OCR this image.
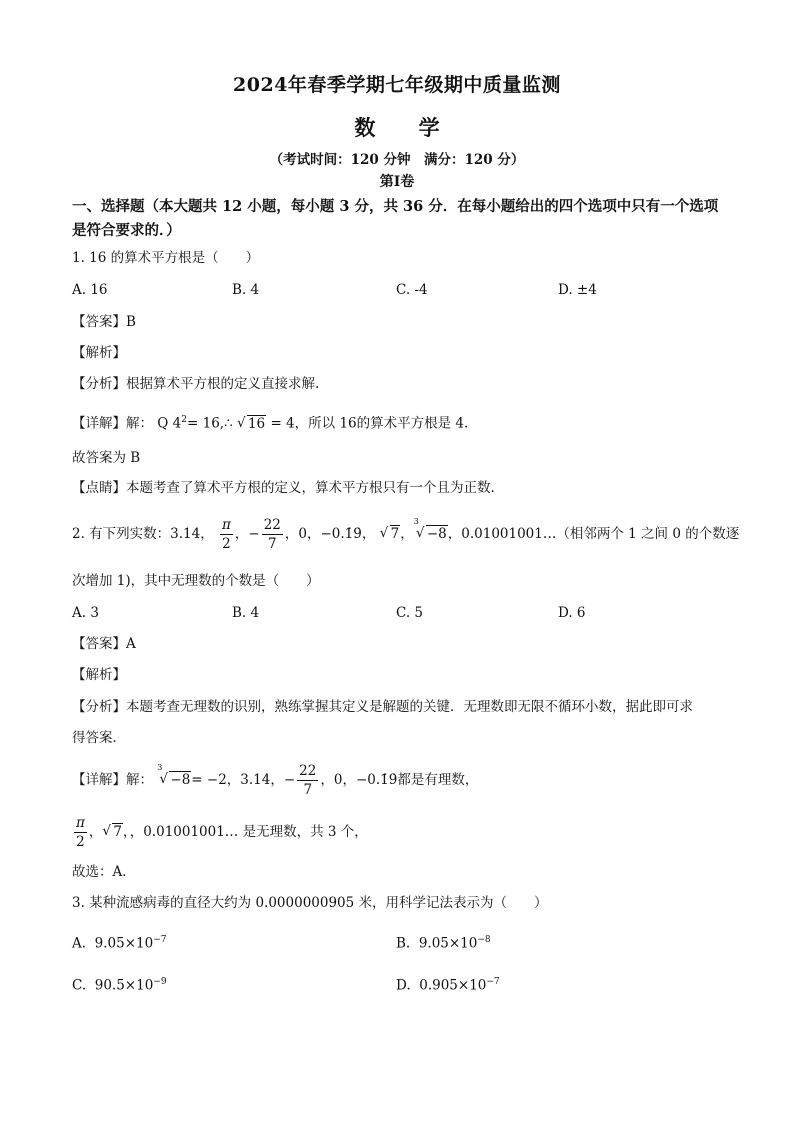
2024年春季学期七年级期中质量监测
数 学
（考试时间：120 分钟　满分：120 分）
第Ⅰ卷
一、选择题（本大题共 12 小题，每小题 3 分，共 36 分．在每小题给出的四个选项中只有一个选项是符合要求的．）
1. 16 的算术平方根是（　　）
A. 16	B. 4	C. -4	D. ±4
【答案】B
【解析】
【分析】根据算术平方根的定义直接求解.
【详解】解： Q $4^2=$ 16,∴ √ 16 = 4，所以 16的算术平方根是 4.
故答案为 B
【点睛】本题考查了算术平方根的定义，算术平方根只有一个且为正数.
2. 有下列实数：3.14， $\frac{\pi}{2}$ ，− $\frac{22}{7}$ ，0，−0.1̇9̇， √ 7，$^3$√ −8，0.01001001…（相邻两个 1 之间 0 的个数逐
次增加 1)，其中无理数的个数是（　　）
A. 3	B. 4	C. 5	D. 6
【答案】A
【解析】
【分析】本题考查无理数的识别，熟练掌握其定义是解题的关键．无理数即无限不循环小数，据此即可求
得答案．
【详解】解： $^3$√ −8= −2，3.14，− $\frac{22}{7}$ ，0，−0.1̇9̇都是有理数，
$\frac{\pi}{2}$ ， √ 7，，0.01001001… 是无理数，共 3 个，
故选：A．
3. 某种流感病毒的直径大约为 0.0000000905 米，用科学记法表示为（　　）
A. $9.05\times 10^{-7}$	B. $9.05\times 10^{-8}$
C. $90.5\times 10^{-9}$	D. $0.905\times 10^{-7}$
